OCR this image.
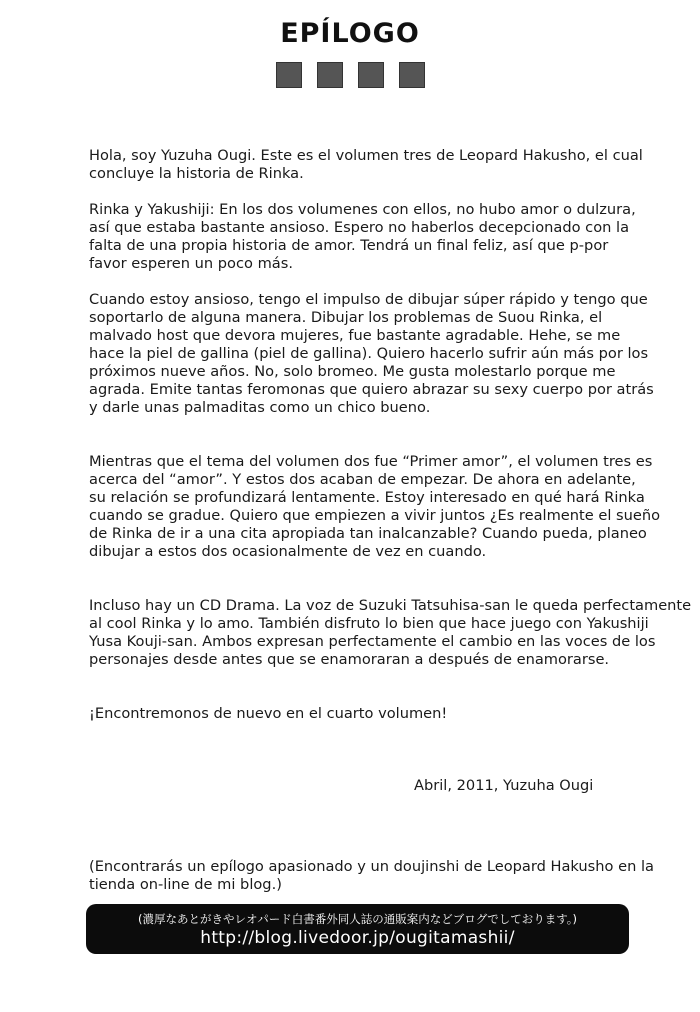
EPÍLOGO

Hola, soy Yuzuha Ougi. Este es el volumen tres de Leopard Hakusho, el cual
concluye la historia de Rinka.

Rinka y Yakushiji: En los dos volumenes con ellos, no hubo amor o dulzura,
así que estaba bastante ansioso. Espero no haberlos decepcionado con la
falta de una propia historia de amor. Tendrá un final feliz, así que p-por
favor esperen un poco más.

Cuando estoy ansioso, tengo el impulso de dibujar súper rápido y tengo que
soportarlo de alguna manera. Dibujar los problemas de Suou Rinka, el
malvado host que devora mujeres, fue bastante agradable. Hehe, se me
hace la piel de gallina (piel de gallina). Quiero hacerlo sufrir aún más por los
próximos nueve años. No, solo bromeo. Me gusta molestarlo porque me
agrada. Emite tantas feromonas que quiero abrazar su sexy cuerpo por atrás
y darle unas palmaditas como un chico bueno.

Mientras que el tema del volumen dos fue “Primer amor”, el volumen tres es
acerca del “amor”. Y estos dos acaban de empezar. De ahora en adelante,
su relación se profundizará lentamente. Estoy interesado en qué hará Rinka
cuando se gradue. Quiero que empiezen a vivir juntos ¿Es realmente el sueño
de Rinka de ir a una cita apropiada tan inalcanzable? Cuando pueda, planeo
dibujar a estos dos ocasionalmente de vez en cuando.

Incluso hay un CD Drama. La voz de Suzuki Tatsuhisa-san le queda perfectamente
al cool Rinka y lo amo. También disfruto lo bien que hace juego con Yakushiji
Yusa Kouji-san. Ambos expresan perfectamente el cambio en las voces de los
personajes desde antes que se enamoraran a después de enamorarse.

¡Encontremonos de nuevo en el cuarto volumen!

Abril, 2011, Yuzuha Ougi

(Encontrarás un epílogo apasionado y un doujinshi de Leopard Hakusho en la
tienda on-line de mi blog.)

(濃厚なあとがきやレオパード白書番外同人誌の通販案内などブログでしております。)
http://blog.livedoor.jp/ougitamashii/
